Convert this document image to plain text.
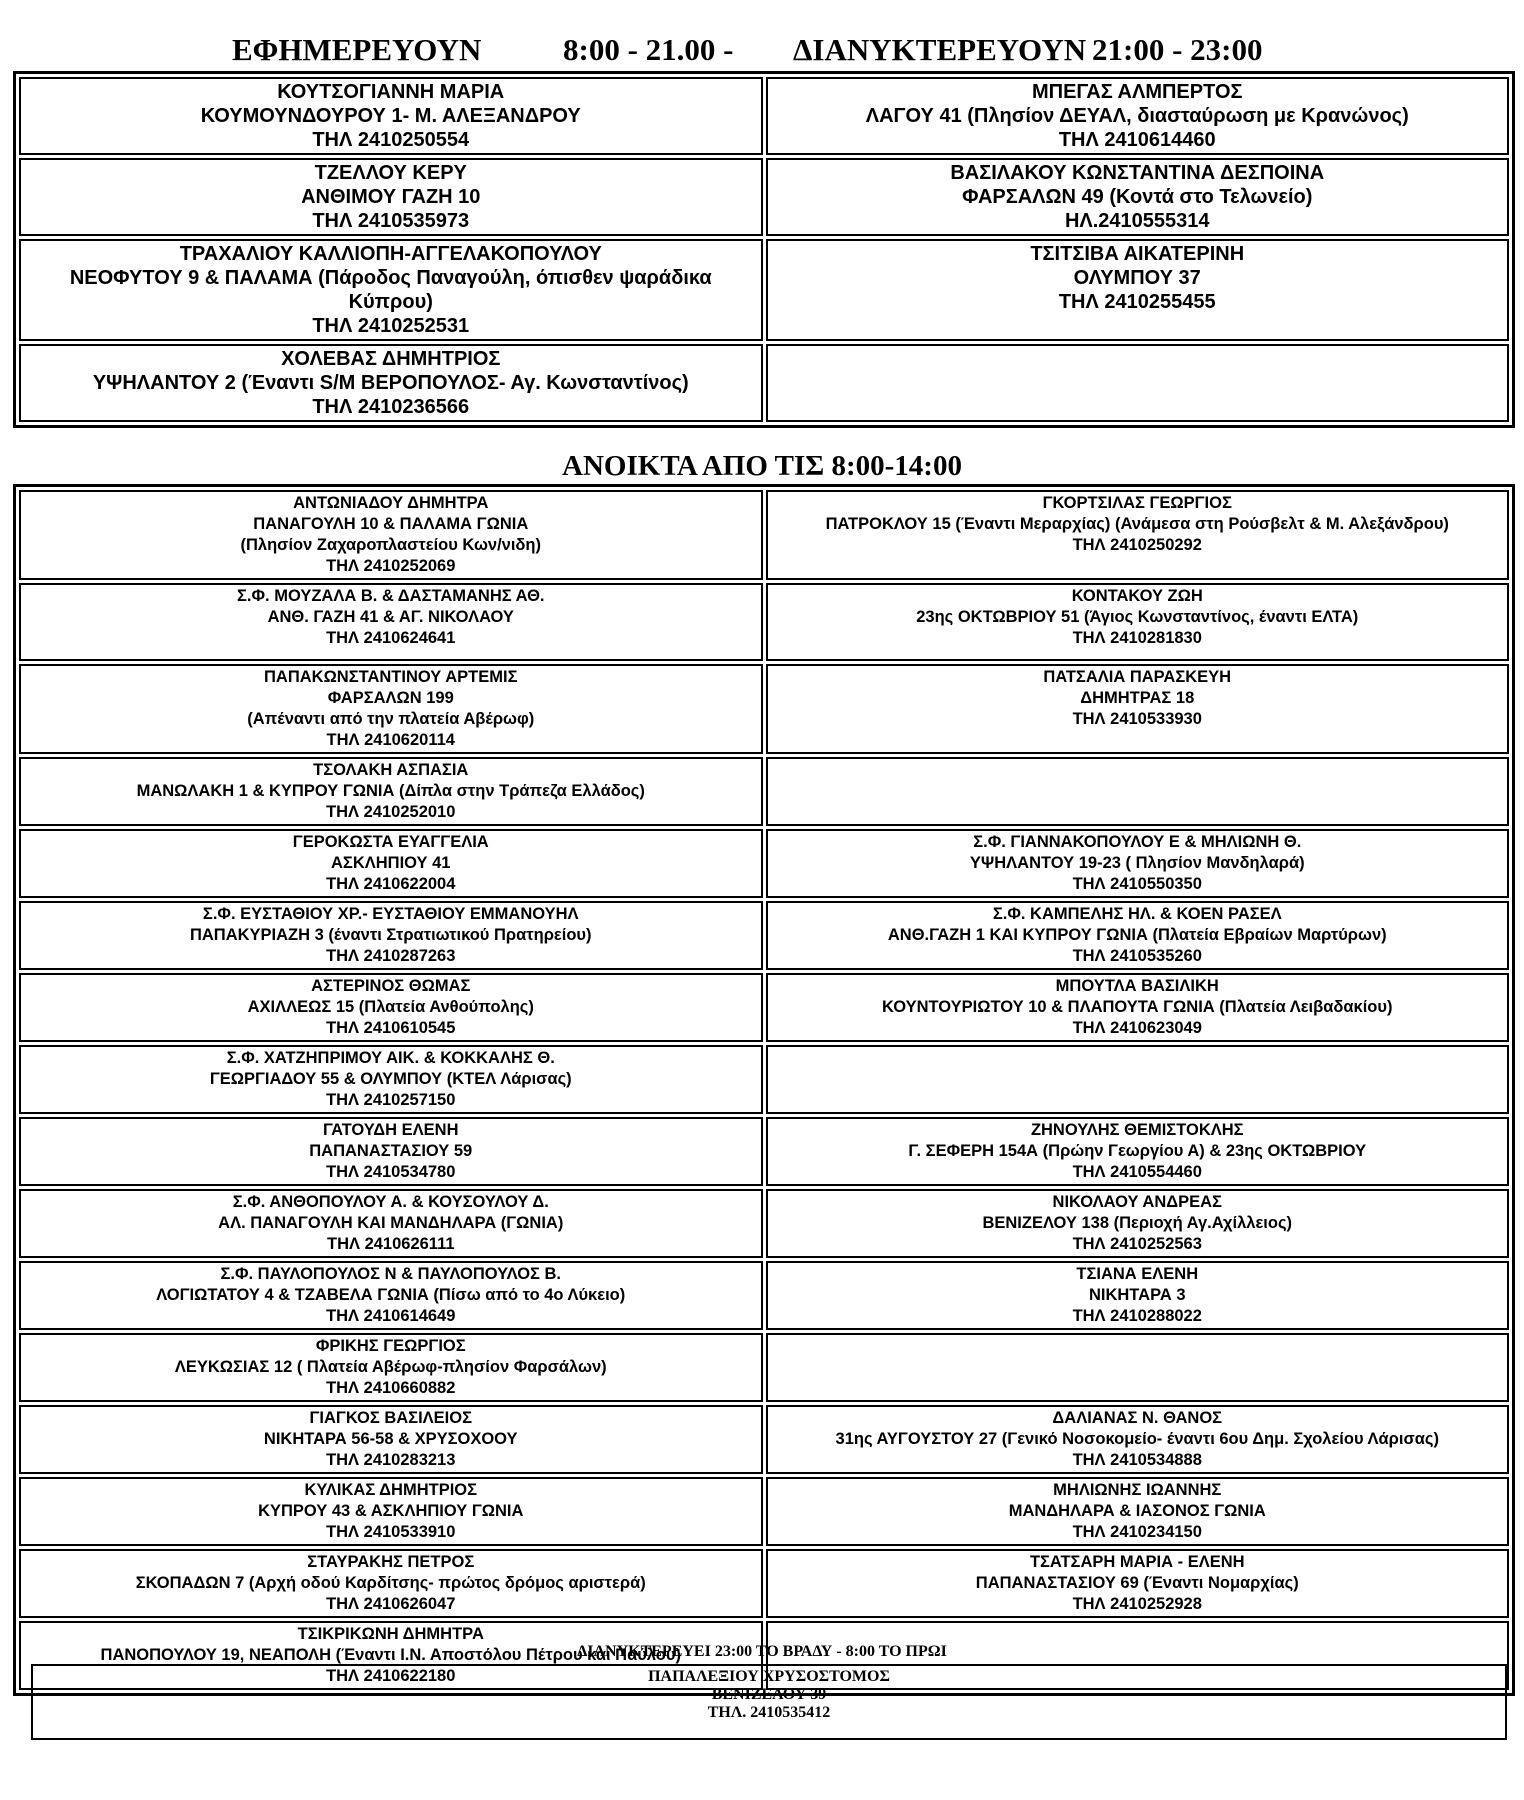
ΕΦΗΜΕΡΕΥΟΥΝ	8:00 - 21.00 - ΔΙΑΝΥΚΤΕΡΕΥΟΥΝ 21:00 - 23:00
ΚΟΥΤΣΟΓΙΑΝΝΗ ΜΑΡΙΑ
ΚΟΥΜΟΥΝΔΟΥΡΟΥ 1- Μ. ΑΛΕΞΑΝΔΡΟΥ
ΤΗΛ 2410250554	ΜΠΕΓΑΣ ΑΛΜΠΕΡΤΟΣ
ΛΑΓΟΥ 41 (Πλησίον ΔΕΥΑΛ, διασταύρωση με Κρανώνος)
ΤΗΛ 2410614460

ΤΖΕΛΛΟΥ ΚΕΡΥ
ΑΝΘΙΜΟΥ ΓΑΖΗ 10
ΤΗΛ 2410535973	ΒΑΣΙΛΑΚΟΥ ΚΩΝΣΤΑΝΤΙΝΑ ΔΕΣΠΟΙΝΑ
ΦΑΡΣΑΛΩΝ 49 (Κοντά στο Τελωνείο)
ΗΛ.2410555314

ΤΡΑΧΑΛΙΟΥ ΚΑΛΛΙΟΠΗ-ΑΓΓΕΛΑΚΟΠΟΥΛΟΥ
ΝΕΟΦΥΤΟΥ 9 & ΠΑΛΑΜΑ (Πάροδος Παναγούλη, όπισθεν ψαράδικα
Κύπρου)
ΤΗΛ 2410252531	ΤΣΙΤΣΙΒΑ ΑΙΚΑΤΕΡΙΝΗ
ΟΛΥΜΠΟΥ 37
ΤΗΛ 2410255455

ΧΟΛΕΒΑΣ ΔΗΜΗΤΡΙΟΣ
ΥΨΗΛΑΝΤΟΥ 2 (Έναντι S/M ΒΕΡΟΠΟΥΛΟΣ- Αγ. Κωνσταντίνος)
ΤΗΛ 2410236566	

ΑΝΟΙΚΤΑ ΑΠΟ ΤΙΣ 8:00-14:00
ΑΝΤΩΝΙΑΔΟΥ ΔΗΜΗΤΡΑ
ΠΑΝΑΓΟΥΛΗ 10 & ΠΑΛΑΜΑ ΓΩΝΙΑ
(Πλησίον Ζαχαροπλαστείου Κων/νιδη)
ΤΗΛ 2410252069	ΓΚΟΡΤΣΙΛΑΣ ΓΕΩΡΓΙΟΣ
ΠΑΤΡΟΚΛΟΥ 15 (Έναντι Μεραρχίας) (Ανάμεσα στη Ρούσβελτ & Μ. Αλεξάνδρου)
ΤΗΛ 2410250292

Σ.Φ. ΜΟΥΖΑΛΑ Β. & ΔΑΣΤΑΜΑΝΗΣ ΑΘ.
ΑΝΘ. ΓΑΖΗ 41 & ΑΓ. ΝΙΚΟΛΑΟΥ
ΤΗΛ 2410624641	ΚΟΝΤΑΚΟΥ ΖΩΗ
23ης ΟΚΤΩΒΡΙΟΥ 51 (Άγιος Κωνσταντίνος, έναντι ΕΛΤΑ)
ΤΗΛ 2410281830

ΠΑΠΑΚΩΝΣΤΑΝΤΙΝΟΥ ΑΡΤΕΜΙΣ
ΦΑΡΣΑΛΩΝ 199
(Απέναντι από την πλατεία Αβέρωφ)
ΤΗΛ 2410620114	ΠΑΤΣΑΛΙΑ ΠΑΡΑΣΚΕΥΗ
ΔΗΜΗΤΡΑΣ 18
ΤΗΛ 2410533930

ΤΣΟΛΑΚΗ ΑΣΠΑΣΙΑ
ΜΑΝΩΛΑΚΗ 1 & ΚΥΠΡΟΥ ΓΩΝΙΑ (Δίπλα στην Τράπεζα Ελλάδος)
ΤΗΛ 2410252010	

ΓΕΡΟΚΩΣΤΑ ΕΥΑΓΓΕΛΙΑ
ΑΣΚΛΗΠΙΟΥ 41
ΤΗΛ 2410622004	Σ.Φ. ΓΙΑΝΝΑΚΟΠΟΥΛΟΥ Ε & ΜΗΛΙΩΝΗ Θ.
ΥΨΗΛΑΝΤΟΥ 19-23 ( Πλησίον Μανδηλαρά)
ΤΗΛ 2410550350

Σ.Φ. ΕΥΣΤΑΘΙΟΥ ΧΡ.- ΕΥΣΤΑΘΙΟΥ ΕΜΜΑΝΟΥΗΛ
ΠΑΠΑΚΥΡΙΑΖΗ 3 (έναντι Στρατιωτικού Πρατηρείου)
ΤΗΛ 2410287263	Σ.Φ. ΚΑΜΠΕΛΗΣ ΗΛ. & ΚΟΕΝ ΡΑΣΕΛ
ΑΝΘ.ΓΑΖΗ 1 ΚΑΙ ΚΥΠΡΟΥ ΓΩΝΙΑ (Πλατεία Εβραίων Μαρτύρων)
ΤΗΛ 2410535260

ΑΣΤΕΡΙΝΟΣ ΘΩΜΑΣ
ΑΧΙΛΛΕΩΣ 15 (Πλατεία Ανθούπολης)
ΤΗΛ 2410610545	ΜΠΟΥΤΛΑ ΒΑΣΙΛΙΚΗ
ΚΟΥΝΤΟΥΡΙΩΤΟΥ 10 & ΠΛΑΠΟΥΤΑ ΓΩΝΙΑ (Πλατεία Λειβαδακίου)
ΤΗΛ 2410623049

Σ.Φ. ΧΑΤΖΗΠΡΙΜΟΥ ΑΙΚ. & ΚΟΚΚΑΛΗΣ Θ.
ΓΕΩΡΓΙΑΔΟΥ 55 & ΟΛΥΜΠΟΥ (ΚΤΕΛ Λάρισας)
ΤΗΛ 2410257150	

ΓΑΤΟΥΔΗ ΕΛΕΝΗ
ΠΑΠΑΝΑΣΤΑΣΙΟΥ 59
ΤΗΛ 2410534780	ΖΗΝΟΥΛΗΣ ΘΕΜΙΣΤΟΚΛΗΣ
Γ. ΣΕΦΕΡΗ 154Α (Πρώην Γεωργίου Α) & 23ης ΟΚΤΩΒΡΙΟΥ
ΤΗΛ 2410554460

Σ.Φ. ΑΝΘΟΠΟΥΛΟΥ Α. & ΚΟΥΣΟΥΛΟΥ Δ.
ΑΛ. ΠΑΝΑΓΟΥΛΗ ΚΑΙ ΜΑΝΔΗΛΑΡΑ (ΓΩΝΙΑ)
ΤΗΛ 2410626111	ΝΙΚΟΛΑΟΥ ΑΝΔΡΕΑΣ
ΒΕΝΙΖΕΛΟΥ 138 (Περιοχή Αγ.Αχίλλειος)
ΤΗΛ 2410252563

Σ.Φ. ΠΑΥΛΟΠΟΥΛΟΣ Ν & ΠΑΥΛΟΠΟΥΛΟΣ Β.
ΛΟΓΙΩΤΑΤΟΥ 4 & ΤΖΑΒΕΛΑ ΓΩΝΙΑ (Πίσω από το 4ο Λύκειο)
ΤΗΛ 2410614649	ΤΣΙΑΝΑ ΕΛΕΝΗ
ΝΙΚΗΤΑΡΑ 3
ΤΗΛ 2410288022

ΦΡΙΚΗΣ ΓΕΩΡΓΙΟΣ
ΛΕΥΚΩΣΙΑΣ 12 ( Πλατεία Αβέρωφ-πλησίον Φαρσάλων)
ΤΗΛ 2410660882	

ΓΙΑΓΚΟΣ ΒΑΣΙΛΕΙΟΣ
ΝΙΚΗΤΑΡΑ 56-58 & ΧΡΥΣΟΧΟΟΥ
ΤΗΛ 2410283213	ΔΑΛΙΑΝΑΣ Ν. ΘΑΝΟΣ
31ης ΑΥΓΟΥΣΤΟΥ 27 (Γενικό Νοσοκομείο- έναντι 6ου Δημ. Σχολείου Λάρισας)
ΤΗΛ 2410534888

ΚΥΛΙΚΑΣ ΔΗΜΗΤΡΙΟΣ
ΚΥΠΡΟΥ 43 & ΑΣΚΛΗΠΙΟΥ ΓΩΝΙΑ
ΤΗΛ 2410533910	ΜΗΛΙΩΝΗΣ ΙΩΑΝΝΗΣ
ΜΑΝΔΗΛΑΡΑ & ΙΑΣΟΝΟΣ ΓΩΝΙΑ
ΤΗΛ 2410234150

ΣΤΑΥΡΑΚΗΣ ΠΕΤΡΟΣ
ΣΚΟΠΑΔΩΝ 7 (Αρχή οδού Καρδίτσης- πρώτος δρόμος αριστερά)
ΤΗΛ 2410626047	ΤΣΑΤΣΑΡΗ ΜΑΡΙΑ - ΕΛΕΝΗ
ΠΑΠΑΝΑΣΤΑΣΙΟΥ 69 (Έναντι Νομαρχίας)
ΤΗΛ 2410252928

ΤΣΙΚΡΙΚΩΝΗ ΔΗΜΗΤΡΑ
ΠΑΝΟΠΟΥΛΟΥ 19, ΝΕΑΠΟΛΗ (Έναντι Ι.Ν. Αποστόλου Πέτρου και Παύλου)
ΤΗΛ 2410622180	

ΔΙΑΝΥΚΤΕΡΕΥΕΙ 23:00 ΤΟ ΒΡΑΔΥ - 8:00 ΤΟ ΠΡΩΙ
ΠΑΠΑΛΕΞΙΟΥ ΧΡΥΣΟΣΤΟΜΟΣ
ΒΕΝΙΖΕΛΟΥ 39
ΤΗΛ. 2410535412
